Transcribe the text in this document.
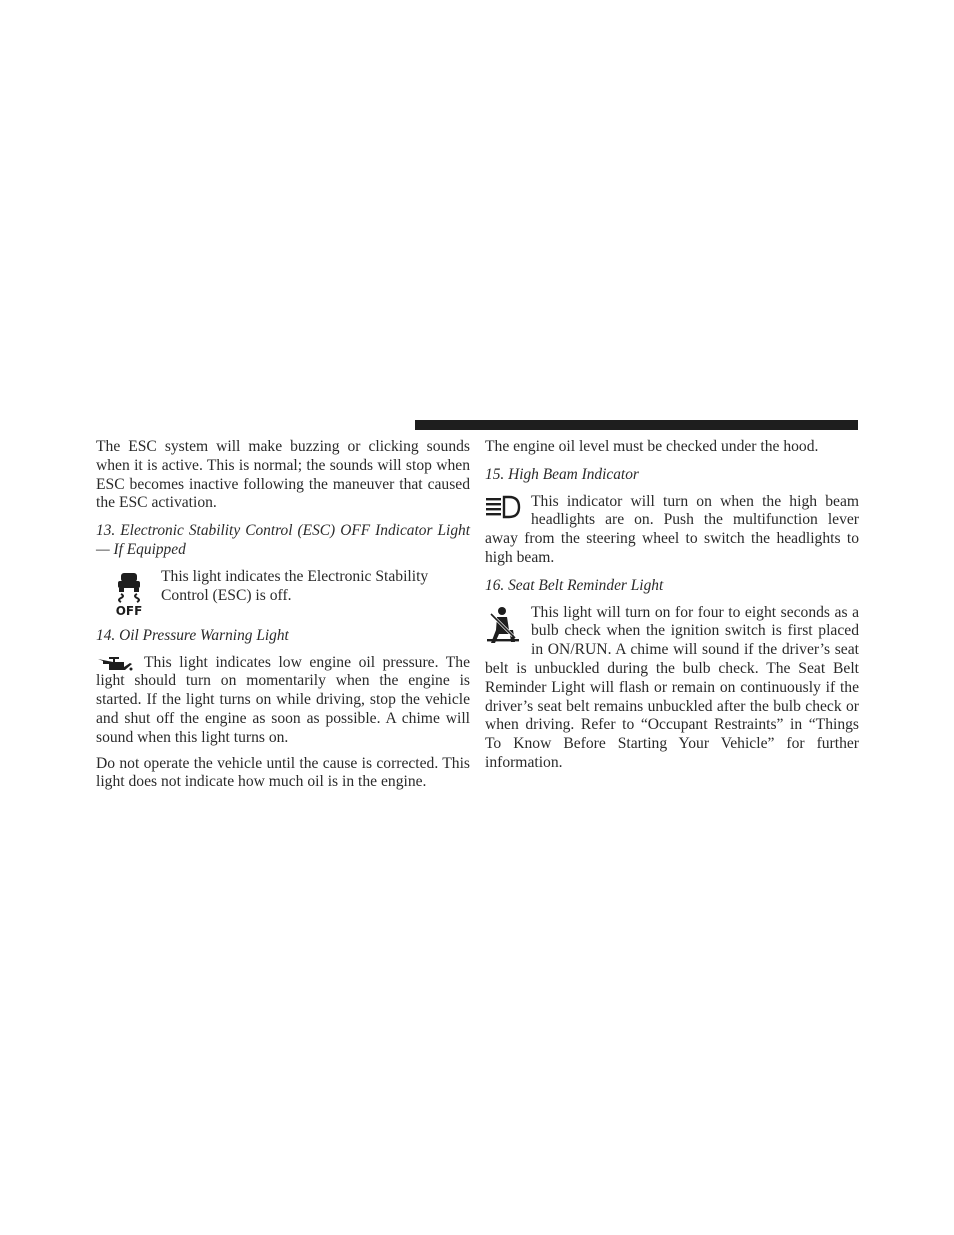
The ESC system will make buzzing or clicking sounds when it is active. This is normal; the sounds will stop when ESC becomes inactive following the maneuver that caused the ESC activation.

13. Electronic Stability Control (ESC) OFF Indicator Light — If Equipped
OFF

This light indicates the Electronic Stability Control (ESC) is off.

14. Oil Pressure Warning Light

This light indicates low engine oil pressure. The light should turn on momentarily when the engine is started. If the light turns on while driving, stop the vehicle and shut off the engine as soon as possible. A chime will sound when this light turns on.

Do not operate the vehicle until the cause is corrected. This light does not indicate how much oil is in the engine.

The engine oil level must be checked under the hood.

15. High Beam Indicator

This indicator will turn on when the high beam headlights are on. Push the multifunction lever away from the steering wheel to switch the headlights to high beam.

16. Seat Belt Reminder Light

This light will turn on for four to eight seconds as a bulb check when the ignition switch is first placed in ON/RUN. A chime will sound if the driver’s seat belt is unbuckled during the bulb check. The Seat Belt Reminder Light will flash or remain on continuously if the driver’s seat belt remains unbuckled after the bulb check or when driving. Refer to “Occupant Restraints” in “Things To Know Before Starting Your Vehicle” for further information.
